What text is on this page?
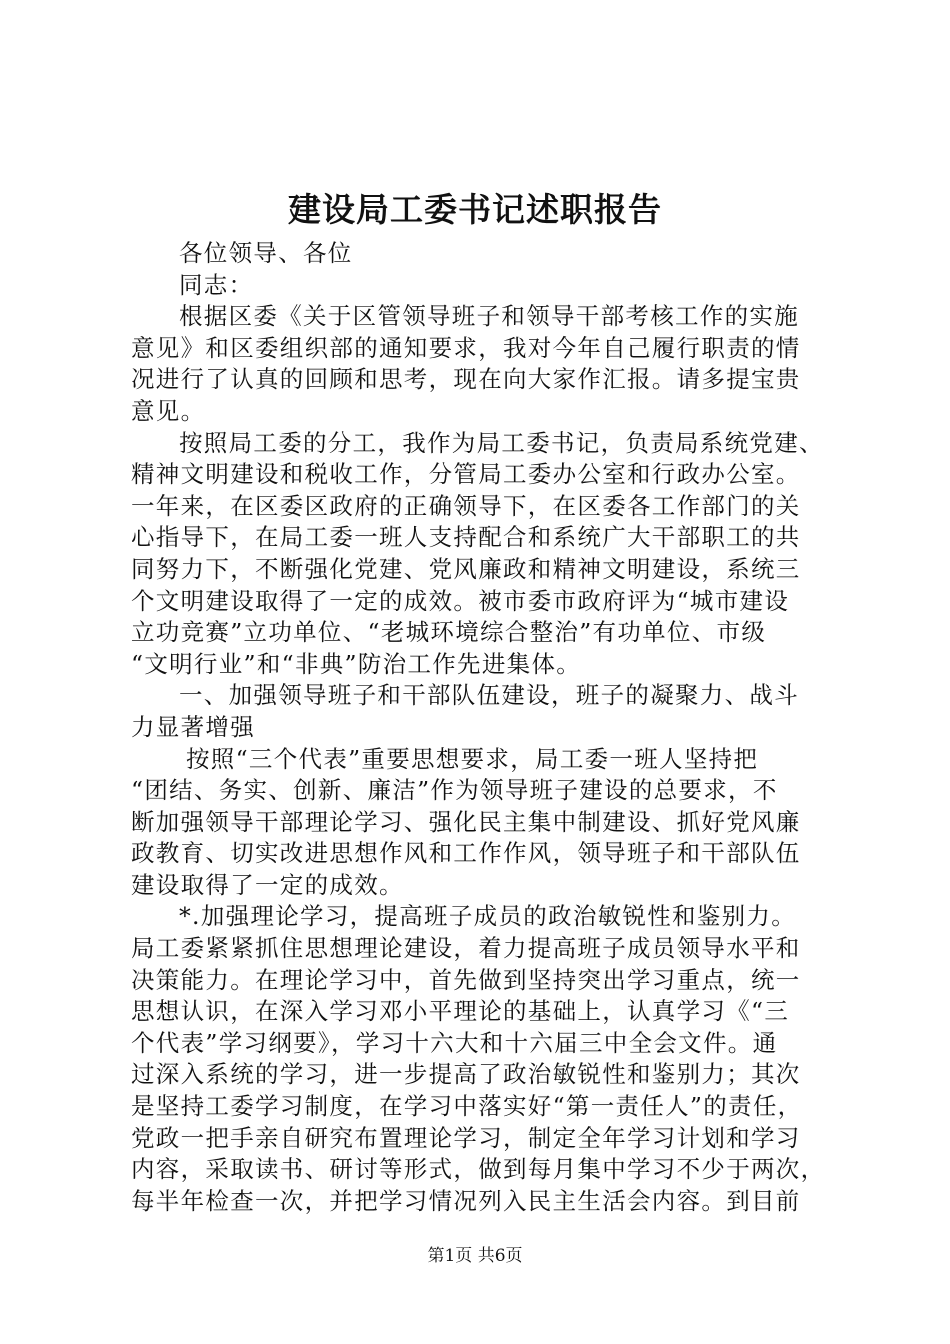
建设局工委书记述职报告
各位领导、各位
同志：
根据区委《关于区管领导班子和领导干部考核工作的实施
意见》和区委组织部的通知要求，我对今年自己履行职责的情
况进行了认真的回顾和思考，现在向大家作汇报。请多提宝贵
意见。
按照局工委的分工，我作为局工委书记，负责局系统党建、
精神文明建设和税收工作，分管局工委办公室和行政办公室。
一年来，在区委区政府的正确领导下，在区委各工作部门的关
心指导下，在局工委一班人支持配合和系统广大干部职工的共
同努力下，不断强化党建、党风廉政和精神文明建设，系统三
个文明建设取得了一定的成效。被市委市政府评为“城市建设
立功竞赛”立功单位、“老城环境综合整治”有功单位、市级
“文明行业”和“非典”防治工作先进集体。
一、加强领导班子和干部队伍建设，班子的凝聚力、战斗
力显著增强
按照“三个代表”重要思想要求，局工委一班人坚持把
“团结、务实、创新、廉洁”作为领导班子建设的总要求，不
断加强领导干部理论学习、强化民主集中制建设、抓好党风廉
政教育、切实改进思想作风和工作作风，领导班子和干部队伍
建设取得了一定的成效。
*.加强理论学习，提高班子成员的政治敏锐性和鉴别力。
局工委紧紧抓住思想理论建设，着力提高班子成员领导水平和
决策能力。在理论学习中，首先做到坚持突出学习重点，统一
思想认识，在深入学习邓小平理论的基础上，认真学习《“三
个代表”学习纲要》，学习十六大和十六届三中全会文件。通
过深入系统的学习，进一步提高了政治敏锐性和鉴别力；其次
是坚持工委学习制度，在学习中落实好“第一责任人”的责任，
党政一把手亲自研究布置理论学习，制定全年学习计划和学习
内容，采取读书、研讨等形式，做到每月集中学习不少于两次，
每半年检查一次，并把学习情况列入民主生活会内容。到目前
第1页 共6页
